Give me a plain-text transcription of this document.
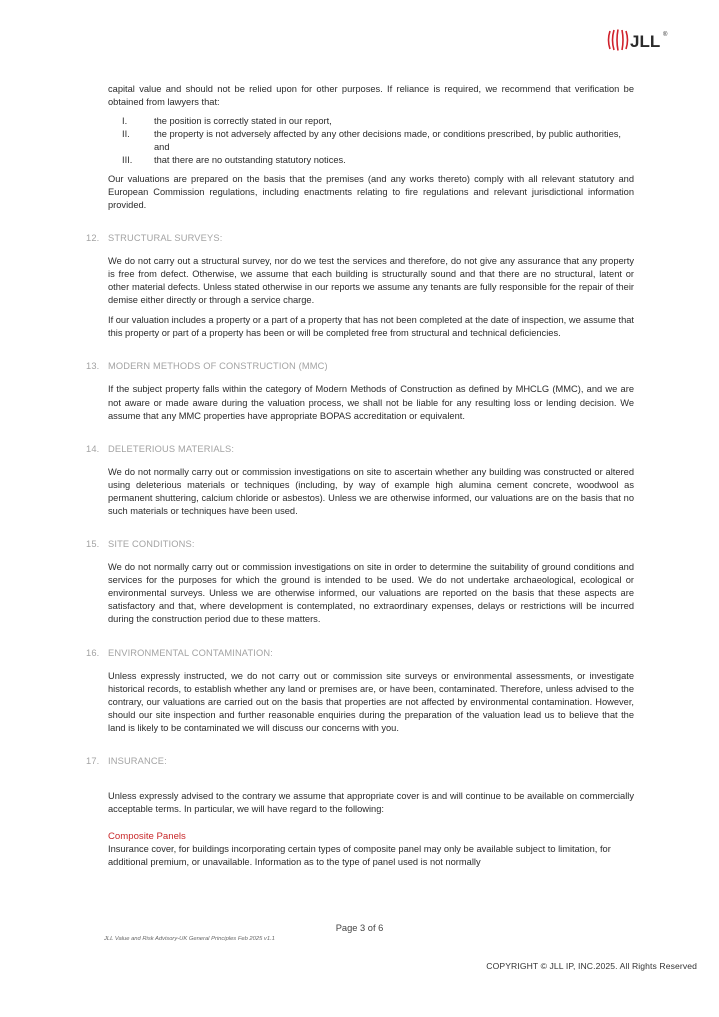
JLL ®

capital value and should not be relied upon for other purposes. If reliance is required, we recommend that verification be obtained from lawyers that:

I.	the position is correctly stated in our report,
II.	the property is not adversely affected by any other decisions made, or conditions prescribed, by public authorities, and
III. that there are no outstanding statutory notices.

Our valuations are prepared on the basis that the premises (and any works thereto) comply with all relevant statutory and European Commission regulations, including enactments relating to fire regulations and relevant jurisdictional information provided.

12. STRUCTURAL SURVEYS:

We do not carry out a structural survey, nor do we test the services and therefore, do not give any assurance that any property is free from defect. Otherwise, we assume that each building is structurally sound and that there are no structural, latent or other material defects. Unless stated otherwise in our reports we assume any tenants are fully responsible for the repair of their demise either directly or through a service charge.

If our valuation includes a property or a part of a property that has not been completed at the date of inspection, we assume that this property or part of a property has been or will be completed free from structural and technical deficiencies.

13. MODERN METHODS OF CONSTRUCTION (MMC)

If the subject property falls within the category of Modern Methods of Construction as defined by MHCLG (MMC), and we are not aware or made aware during the valuation process, we shall not be liable for any resulting loss or lending decision. We assume that any MMC properties have appropriate BOPAS accreditation or equivalent.

14. DELETERIOUS MATERIALS:

We do not normally carry out or commission investigations on site to ascertain whether any building was constructed or altered using deleterious materials or techniques (including, by way of example high alumina cement concrete, woodwool as permanent shuttering, calcium chloride or asbestos). Unless we are otherwise informed, our valuations are on the basis that no such materials or techniques have been used.

15. SITE CONDITIONS:

We do not normally carry out or commission investigations on site in order to determine the suitability of ground conditions and services for the purposes for which the ground is intended to be used. We do not undertake archaeological, ecological or environmental surveys. Unless we are otherwise informed, our valuations are reported on the basis that these aspects are satisfactory and that, where development is contemplated, no extraordinary expenses, delays or restrictions will be incurred during the construction period due to these matters.

16. ENVIRONMENTAL CONTAMINATION:

Unless expressly instructed, we do not carry out or commission site surveys or environmental assessments, or investigate historical records, to establish whether any land or premises are, or have been, contaminated. Therefore, unless advised to the contrary, our valuations are carried out on the basis that properties are not affected by environmental contamination. However, should our site inspection and further reasonable enquiries during the preparation of the valuation lead us to believe that the land is likely to be contaminated we will discuss our concerns with you.

17. INSURANCE:

Unless expressly advised to the contrary we assume that appropriate cover is and will continue to be available on commercially acceptable terms. In particular, we will have regard to the following:

Composite Panels

Insurance cover, for buildings incorporating certain types of composite panel may only be available subject to limitation, for additional premium, or unavailable. Information as to the type of panel used is not normally

Page 3 of 6
JLL Value and Risk Advisory-UK General Principles Feb 2025 v1.1
COPYRIGHT © JLL IP, INC.2025. All Rights Reserved
